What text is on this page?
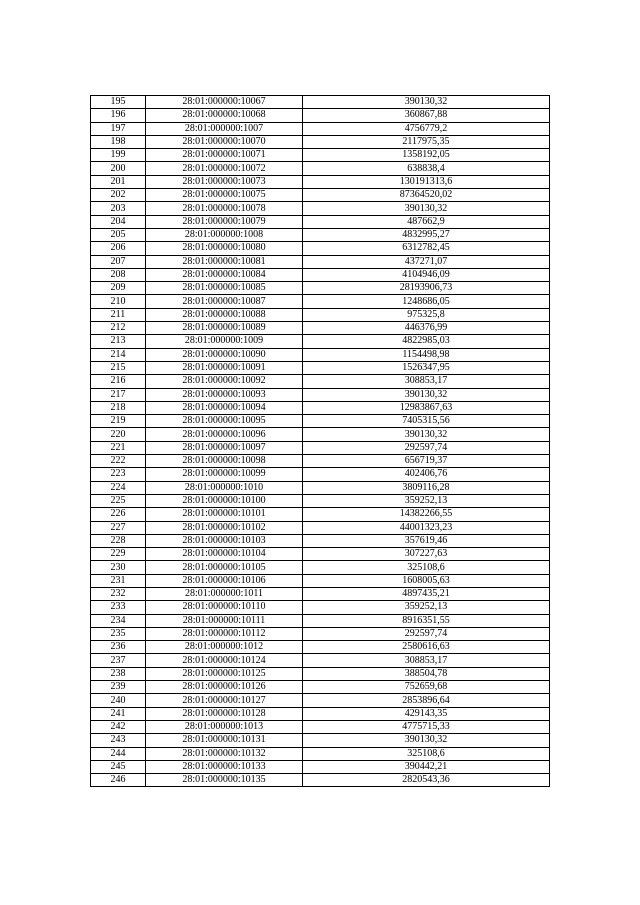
195	28:01:000000:10067	390130,32
196	28:01:000000:10068	360867,88
197	28:01:000000:1007	4756779,2
198	28:01:000000:10070	2117975,35
199	28:01:000000:10071	1358192,05
200	28:01:000000:10072	638838,4
201	28:01:000000:10073	130191313,6
202	28:01:000000:10075	87364520,02
203	28:01:000000:10078	390130,32
204	28:01:000000:10079	487662,9
205	28:01:000000:1008	4832995,27
206	28:01:000000:10080	6312782,45
207	28:01:000000:10081	437271,07
208	28:01:000000:10084	4104946,09
209	28:01:000000:10085	28193906,73
210	28:01:000000:10087	1248686,05
211	28:01:000000:10088	975325,8
212	28:01:000000:10089	446376,99
213	28:01:000000:1009	4822985,03
214	28:01:000000:10090	1154498,98
215	28:01:000000:10091	1526347,95
216	28:01:000000:10092	308853,17
217	28:01:000000:10093	390130,32
218	28:01:000000:10094	12983867,63
219	28:01:000000:10095	7405315,56
220	28:01:000000:10096	390130,32
221	28:01:000000:10097	292597,74
222	28:01:000000:10098	656719,37
223	28:01:000000:10099	402406,76
224	28:01:000000:1010	3809116,28
225	28:01:000000:10100	359252,13
226	28:01:000000:10101	14382266,55
227	28:01:000000:10102	44001323,23
228	28:01:000000:10103	357619,46
229	28:01:000000:10104	307227,63
230	28:01:000000:10105	325108,6
231	28:01:000000:10106	1608005,63
232	28:01:000000:1011	4897435,21
233	28:01:000000:10110	359252,13
234	28:01:000000:10111	8916351,55
235	28:01:000000:10112	292597,74
236	28:01:000000:1012	2580616,63
237	28:01:000000:10124	308853,17
238	28:01:000000:10125	388504,78
239	28:01:000000:10126	752659,68
240	28:01:000000:10127	2853896,64
241	28:01:000000:10128	429143,35
242	28:01:000000:1013	4775715,33
243	28:01:000000:10131	390130,32
244	28:01:000000:10132	325108,6
245	28:01:000000:10133	390442,21
246	28:01:000000:10135	2820543,36
